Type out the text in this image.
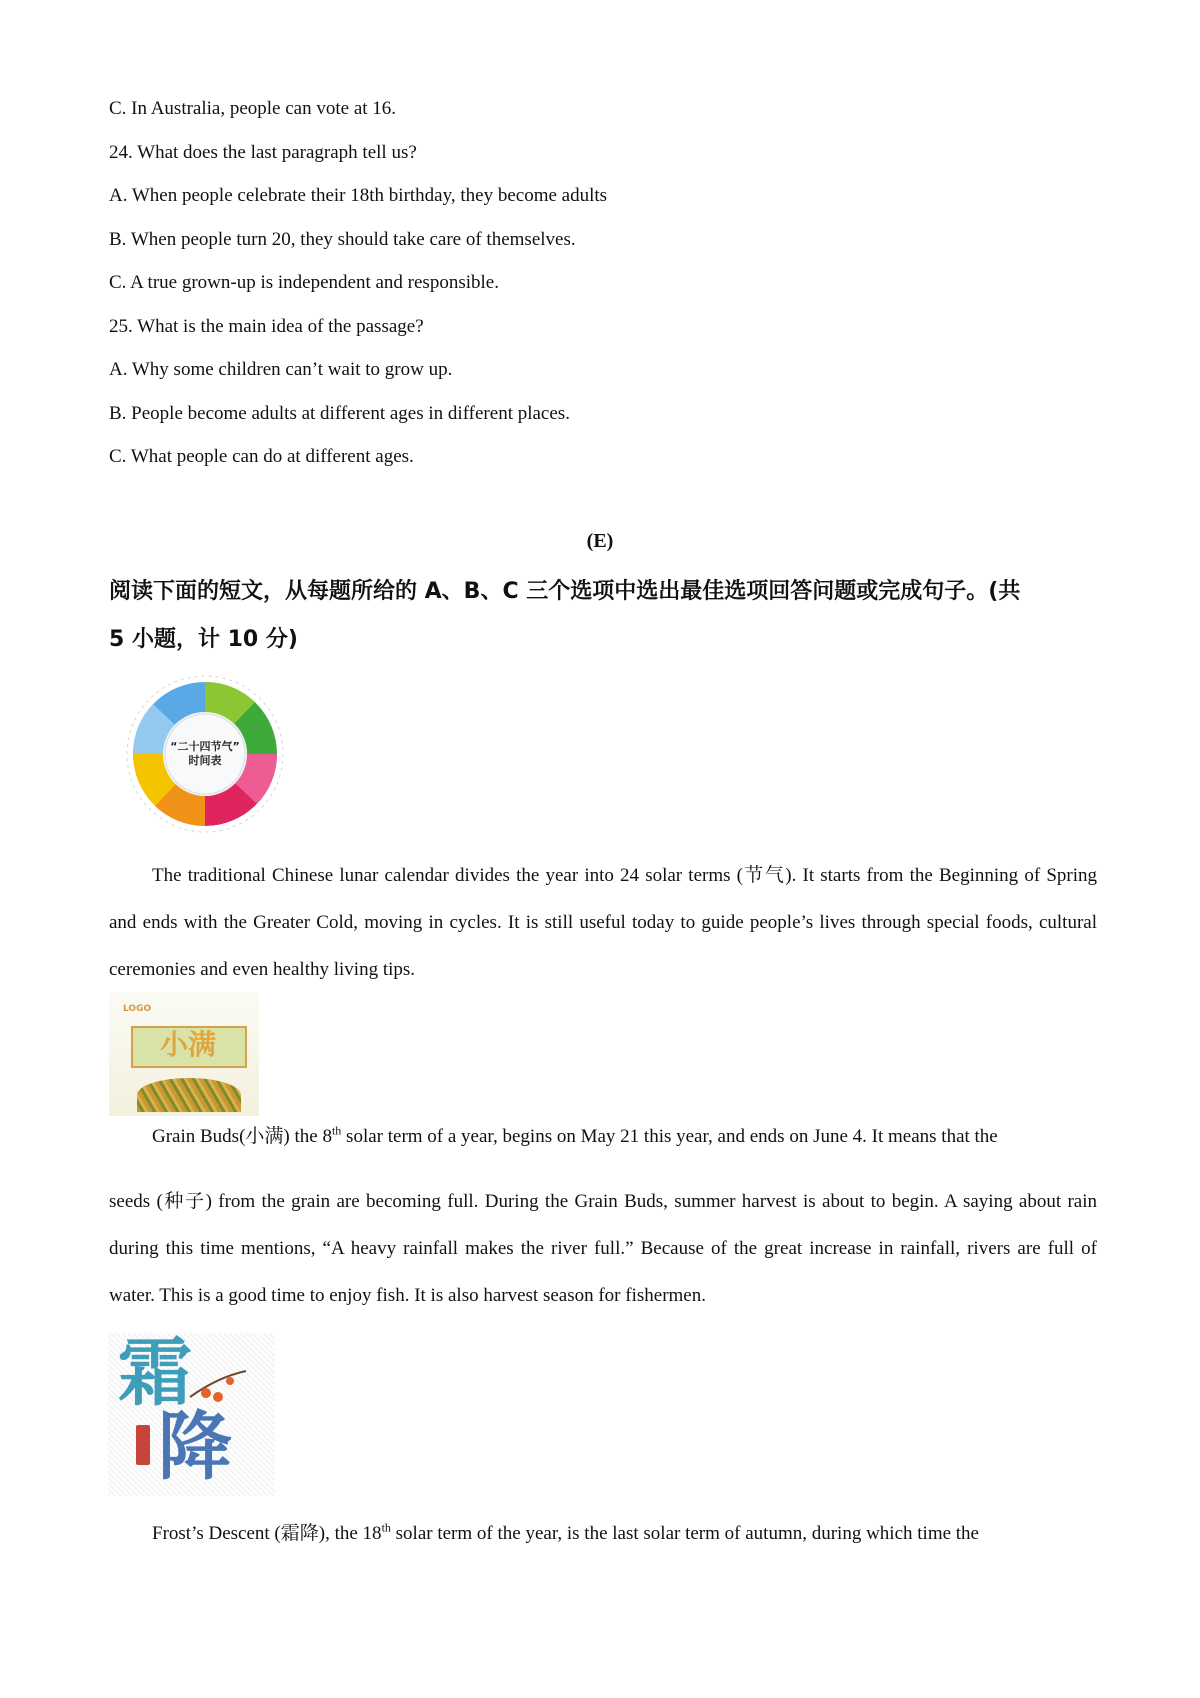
C. In Australia, people can vote at 16.
24. What does the last paragraph tell us?
A. When people celebrate their 18th birthday, they become adults
B. When people turn 20, they should take care of themselves.
C. A true grown-up is independent and responsible.
25. What is the main idea of the passage?
A. Why some children can’t wait to grow up.
B. People become adults at different ages in different places.
C. What people can do at different ages.
(E)
阅读下面的短文，从每题所给的 A、B、C 三个选项中选出最佳选项回答问题或完成句子。(共
5 小题，计 10 分)
“二十四节气”
时间表
The traditional Chinese lunar calendar divides the year into 24 solar terms (节气). It starts from the Beginning of Spring and ends with the Greater Cold, moving in cycles. It is still useful today to guide people’s lives through special foods, cultural ceremonies and even healthy living tips.
LOGO
小满
Grain Buds(小满) the 8th solar term of a year, begins on May 21 this year, and ends on June 4. It means that the
seeds (种子) from the grain are becoming full. During the Grain Buds, summer harvest is about to begin. A saying about rain during this time mentions, “A heavy rainfall makes the river full.” Because of the great increase in rainfall, rivers are full of water. This is a good time to enjoy fish. It is also harvest season for fishermen.
霜
降
Frost’s Descent (霜降), the 18th solar term of the year, is the last solar term of autumn, during which time the
